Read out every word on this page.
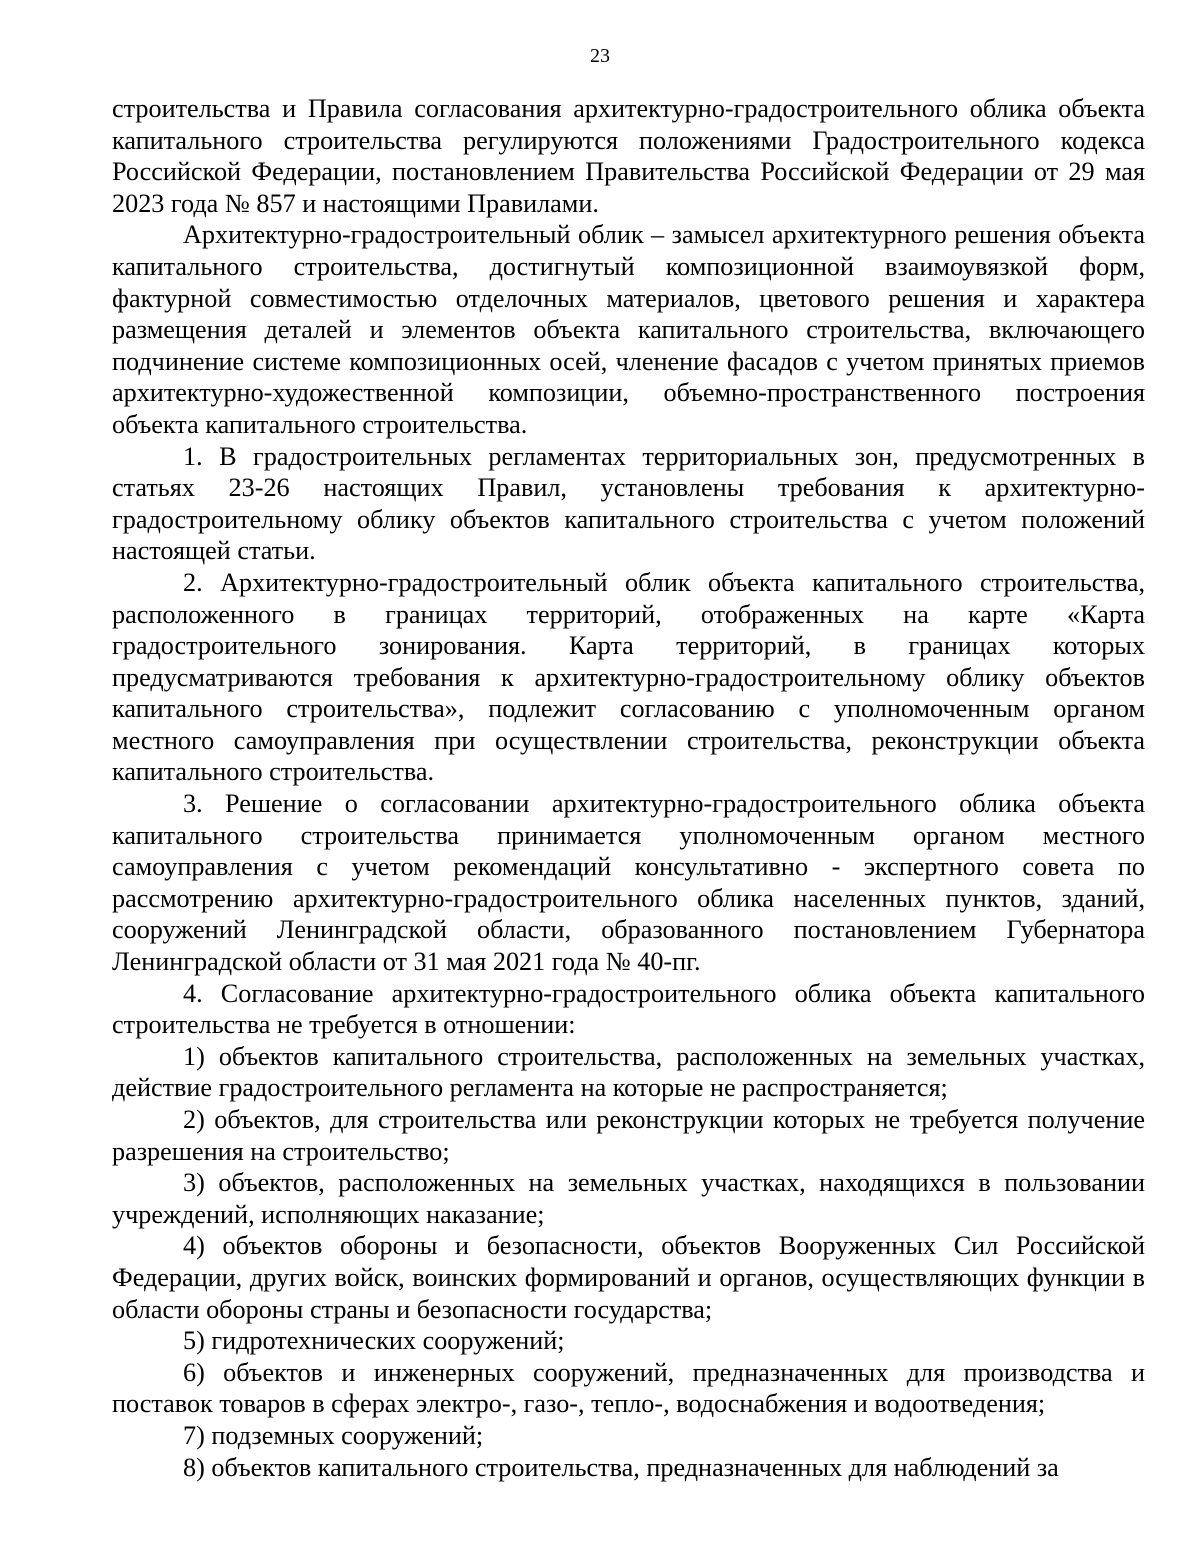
23

строительства и Правила согласования архитектурно-градостроительного облика объекта капитального строительства регулируются положениями Градостроительного кодекса Российской Федерации, постановлением Правительства Российской Федерации от 29 мая 2023 года № 857 и настоящими Правилами.

Архитектурно-градостроительный облик – замысел архитектурного решения объекта капитального строительства, достигнутый композиционной взаимоувязкой форм, фактурной совместимостью отделочных материалов, цветового решения и характера размещения деталей и элементов объекта капитального строительства, включающего подчинение системе композиционных осей, членение фасадов с учетом принятых приемов архитектурно-художественной композиции, объемно-пространственного построения объекта капитального строительства.

1. В градостроительных регламентах территориальных зон, предусмотренных в статьях 23-26 настоящих Правил, установлены требования к архитектурно-градостроительному облику объектов капитального строительства с учетом положений настоящей статьи.

2. Архитектурно-градостроительный облик объекта капитального строительства, расположенного в границах территорий, отображенных на карте «Карта градостроительного зонирования. Карта территорий, в границах которых предусматриваются требования к архитектурно-градостроительному облику объектов капитального строительства», подлежит согласованию с уполномоченным органом местного самоуправления при осуществлении строительства, реконструкции объекта капитального строительства.

3. Решение о согласовании архитектурно-градостроительного облика объекта капитального строительства принимается уполномоченным органом местного самоуправления с учетом рекомендаций консультативно - экспертного совета по рассмотрению архитектурно-градостроительного облика населенных пунктов, зданий, сооружений Ленинградской области, образованного постановлением Губернатора Ленинградской области от 31 мая 2021 года № 40-пг.

4. Согласование архитектурно-градостроительного облика объекта капитального строительства не требуется в отношении:

1) объектов капитального строительства, расположенных на земельных участках, действие градостроительного регламента на которые не распространяется;

2) объектов, для строительства или реконструкции которых не требуется получение разрешения на строительство;

3) объектов, расположенных на земельных участках, находящихся в пользовании учреждений, исполняющих наказание;

4) объектов обороны и безопасности, объектов Вооруженных Сил Российской Федерации, других войск, воинских формирований и органов, осуществляющих функции в области обороны страны и безопасности государства;

5) гидротехнических сооружений;

6) объектов и инженерных сооружений, предназначенных для производства и поставок товаров в сферах электро-, газо-, тепло-, водоснабжения и водоотведения;

7) подземных сооружений;

8) объектов капитального строительства, предназначенных для наблюдений за
